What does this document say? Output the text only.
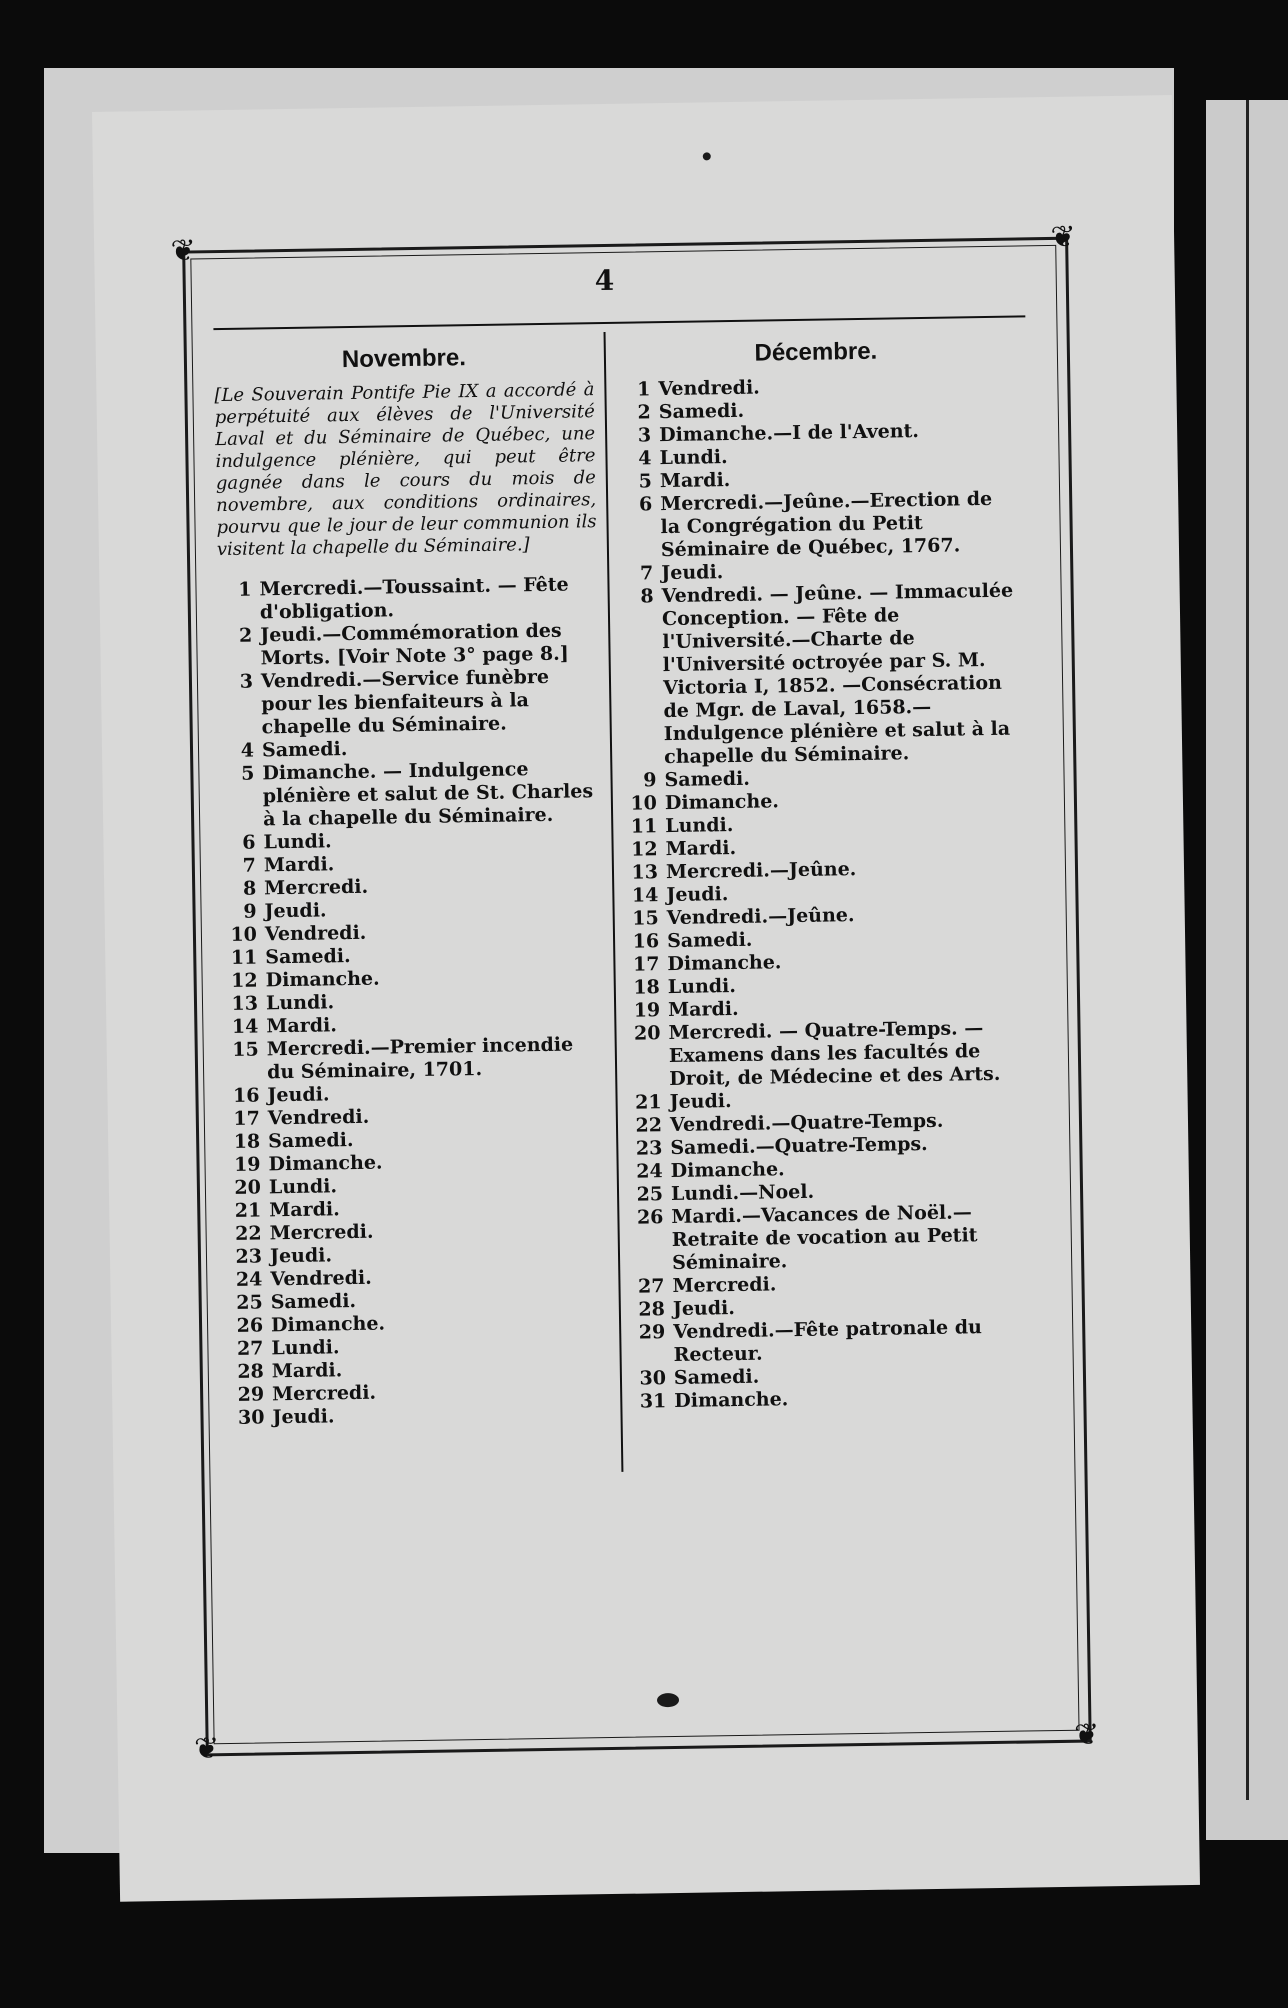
❦	❦
❦	❦
4
Novembre.
[Le Souverain Pontife Pie IX a accordé à perpétuité aux élèves de l'Université Laval et du Séminaire de Québec, une indulgence plénière, qui peut être gagnée dans le cours du mois de novembre, aux conditions ordinaires, pourvu que le jour de leur communion ils visitent la chapelle du Séminaire.]
1 Mercredi.—Toussaint. — Fête d'obligation.
2 Jeudi.—Commémoration des Morts. [Voir Note 3° page 8.]
3 Vendredi.—Service funèbre pour les bienfaiteurs à la chapelle du Séminaire.
4 Samedi.
5 Dimanche. — Indulgence plénière et salut de St. Charles à la chapelle du Séminaire.
6 Lundi.
7 Mardi.
8 Mercredi.
9 Jeudi.
10 Vendredi.
11 Samedi.
12 Dimanche.
13 Lundi.
14 Mardi.
15 Mercredi.—Premier incendie du Séminaire, 1701.
16 Jeudi.
17 Vendredi.
18 Samedi.
19 Dimanche.
20 Lundi.
21 Mardi.
22 Mercredi.
23 Jeudi.
24 Vendredi.
25 Samedi.
26 Dimanche.
27 Lundi.
28 Mardi.
29 Mercredi.
30 Jeudi.
Décembre.
1 Vendredi.
2 Samedi.
3 Dimanche.—I de l'Avent.
4 Lundi.
5 Mardi.
6 Mercredi.—Jeûne.—Erection de la Congrégation du Petit Séminaire de Québec, 1767.
7 Jeudi.
8 Vendredi. — Jeûne. — Immaculée Conception. — Fête de l'Université.—Charte de l'Université octroyée par S. M. Victoria I, 1852. —Consécration de Mgr. de Laval, 1658.—Indulgence plénière et salut à la chapelle du Séminaire.
9 Samedi.
10 Dimanche.
11 Lundi.
12 Mardi.
13 Mercredi.—Jeûne.
14 Jeudi.
15 Vendredi.—Jeûne.
16 Samedi.
17 Dimanche.
18 Lundi.
19 Mardi.
20 Mercredi. — Quatre-Temps. — Examens dans les facultés de Droit, de Médecine et des Arts.
21 Jeudi.
22 Vendredi.—Quatre-Temps.
23 Samedi.—Quatre-Temps.
24 Dimanche.
25 Lundi.—Noel.
26 Mardi.—Vacances de Noël.—Retraite de vocation au Petit Séminaire.
27 Mercredi.
28 Jeudi.
29 Vendredi.—Fête patronale du Recteur.
30 Samedi.
31 Dimanche.
